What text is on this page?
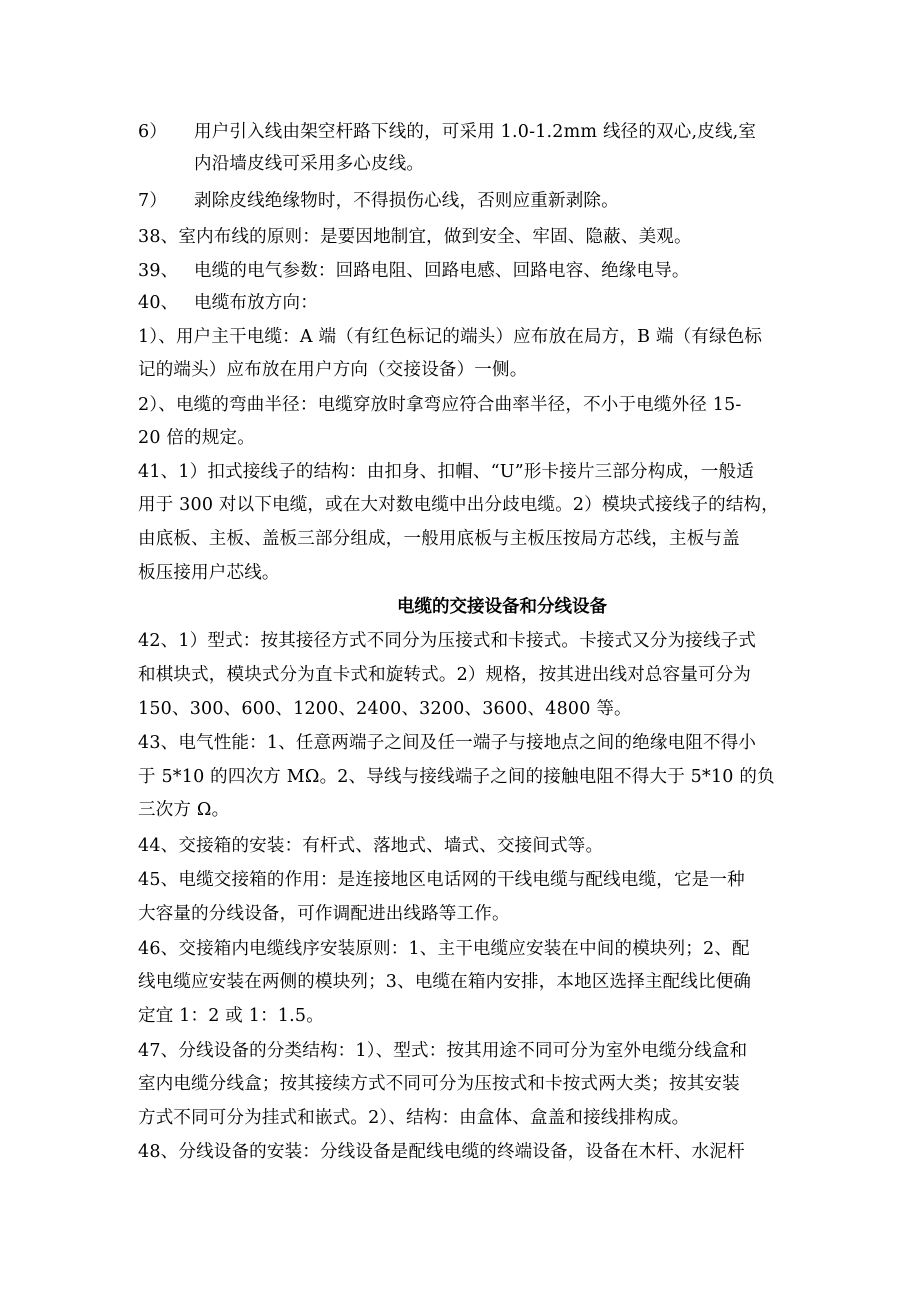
6） 用户引入线由架空杆路下线的，可采用 1.0-1.2mm 线径的双心,皮线,室
内沿墙皮线可采用多心皮线。
7） 剥除皮线绝缘物时，不得损伤心线，否则应重新剥除。
38、室内布线的原则：是要因地制宜，做到安全、牢固、隐蔽、美观。
39、 电缆的电气参数：回路电阻、回路电感、回路电容、绝缘电导。
40、 电缆布放方向：
1）、用户主干电缆：A 端（有红色标记的端头）应布放在局方，B 端（有绿色标
记的端头）应布放在用户方向（交接设备）一侧。
2）、电缆的弯曲半径：电缆穿放时拿弯应符合曲率半径，不小于电缆外径 15-
20 倍的规定。
41、1）扣式接线子的结构：由扣身、扣帽、“U”形卡接片三部分构成，一般适
用于 300 对以下电缆，或在大对数电缆中出分歧电缆。2）模块式接线子的结构，
由底板、主板、盖板三部分组成，一般用底板与主板压按局方芯线，主板与盖
板压接用户芯线。
电缆的交接设备和分线设备
42、1）型式：按其接径方式不同分为压接式和卡接式。卡接式又分为接线子式
和棋块式，模块式分为直卡式和旋转式。2）规格，按其进出线对总容量可分为
150、300、600、1200、2400、3200、3600、4800 等。
43、电气性能：1、任意两端子之间及任一端子与接地点之间的绝缘电阻不得小
于 5*10 的四次方 MΩ。2、导线与接线端子之间的接触电阻不得大于 5*10 的负
三次方 Ω。
44、交接箱的安装：有杆式、落地式、墙式、交接间式等。
45、电缆交接箱的作用：是连接地区电话网的干线电缆与配线电缆，它是一种
大容量的分线设备，可作调配进出线路等工作。
46、交接箱内电缆线序安装原则：1、主干电缆应安装在中间的模块列；2、配
线电缆应安装在两侧的模块列；3、电缆在箱内安排，本地区选择主配线比便确
定宜 1：2 或 1：1.5。
47、分线设备的分类结构：1）、型式：按其用途不同可分为室外电缆分线盒和
室内电缆分线盒；按其接续方式不同可分为压按式和卡按式两大类；按其安装
方式不同可分为挂式和嵌式。2）、结构：由盒体、盒盖和接线排构成。
48、分线设备的安装：分线设备是配线电缆的终端设备，设备在木杆、水泥杆
